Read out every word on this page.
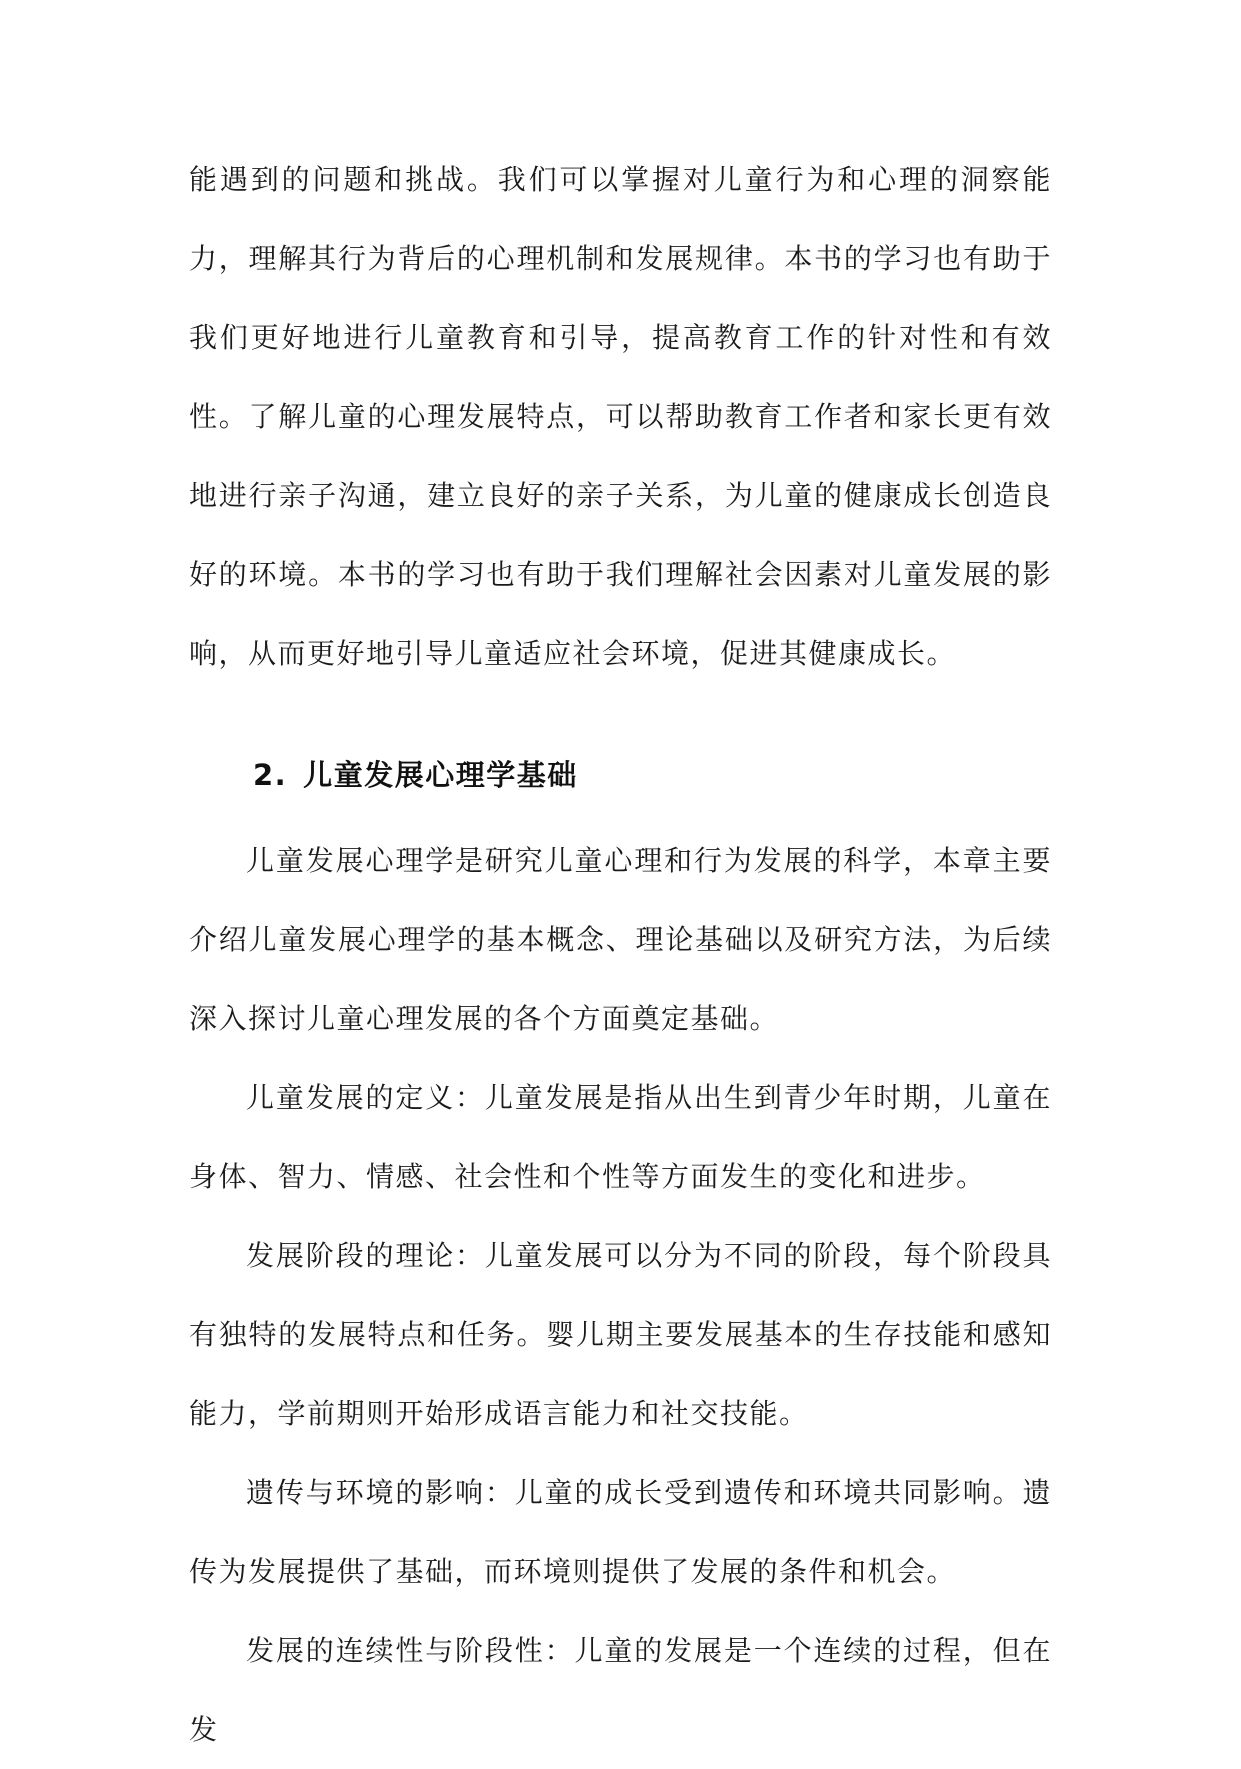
能遇到的问题和挑战。我们可以掌握对儿童行为和心理的洞察能力，理解其行为背后的心理机制和发展规律。本书的学习也有助于我们更好地进行儿童教育和引导，提高教育工作的针对性和有效性。了解儿童的心理发展特点，可以帮助教育工作者和家长更有效地进行亲子沟通，建立良好的亲子关系，为儿童的健康成长创造良好的环境。本书的学习也有助于我们理解社会因素对儿童发展的影响，从而更好地引导儿童适应社会环境，促进其健康成长。

2. 儿童发展心理学基础

儿童发展心理学是研究儿童心理和行为发展的科学，本章主要介绍儿童发展心理学的基本概念、理论基础以及研究方法，为后续深入探讨儿童心理发展的各个方面奠定基础。

儿童发展的定义：儿童发展是指从出生到青少年时期，儿童在身体、智力、情感、社会性和个性等方面发生的变化和进步。

发展阶段的理论：儿童发展可以分为不同的阶段，每个阶段具有独特的发展特点和任务。婴儿期主要发展基本的生存技能和感知能力，学前期则开始形成语言能力和社交技能。

遗传与环境的影响：儿童的成长受到遗传和环境共同影响。遗传为发展提供了基础，而环境则提供了发展的条件和机会。

发展的连续性与阶段性：儿童的发展是一个连续的过程，但在发
